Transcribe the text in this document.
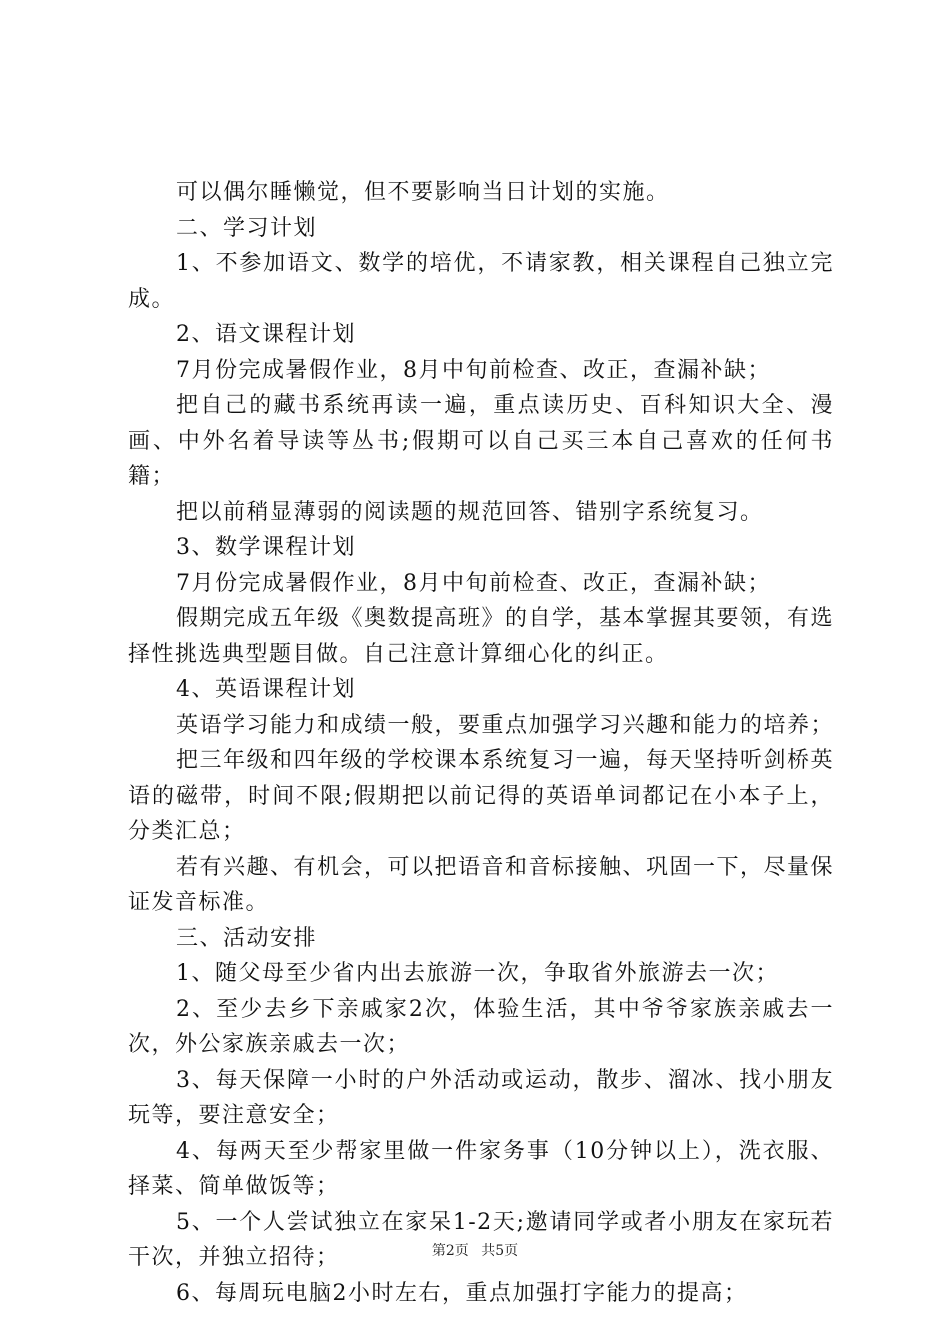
可以偶尔睡懒觉，但不要影响当日计划的实施。

二、学习计划

1、不参加语文、数学的培优，不请家教，相关课程自己独立完成。

2、语文课程计划

7月份完成暑假作业，8月中旬前检查、改正，查漏补缺；

把自己的藏书系统再读一遍，重点读历史、百科知识大全、漫画、中外名着导读等丛书;假期可以自己买三本自己喜欢的任何书籍；

把以前稍显薄弱的阅读题的规范回答、错别字系统复习。

3、数学课程计划

7月份完成暑假作业，8月中旬前检查、改正，查漏补缺；

假期完成五年级《奥数提高班》的自学，基本掌握其要领，有选择性挑选典型题目做。自己注意计算细心化的纠正。

4、英语课程计划

英语学习能力和成绩一般，要重点加强学习兴趣和能力的培养；

把三年级和四年级的学校课本系统复习一遍，每天坚持听剑桥英语的磁带，时间不限;假期把以前记得的英语单词都记在小本子上，分类汇总；

若有兴趣、有机会，可以把语音和音标接触、巩固一下，尽量保证发音标准。

三、活动安排

1、随父母至少省内出去旅游一次，争取省外旅游去一次；

2、至少去乡下亲戚家2次，体验生活，其中爷爷家族亲戚去一次，外公家族亲戚去一次；

3、每天保障一小时的户外活动或运动，散步、溜冰、找小朋友玩等，要注意安全；

4、每两天至少帮家里做一件家务事（10分钟以上），洗衣服、择菜、简单做饭等；

5、一个人尝试独立在家呆1-2天;邀请同学或者小朋友在家玩若干次，并独立招待；

6、每周玩电脑2小时左右，重点加强打字能力的提高；

第2页 共5页
